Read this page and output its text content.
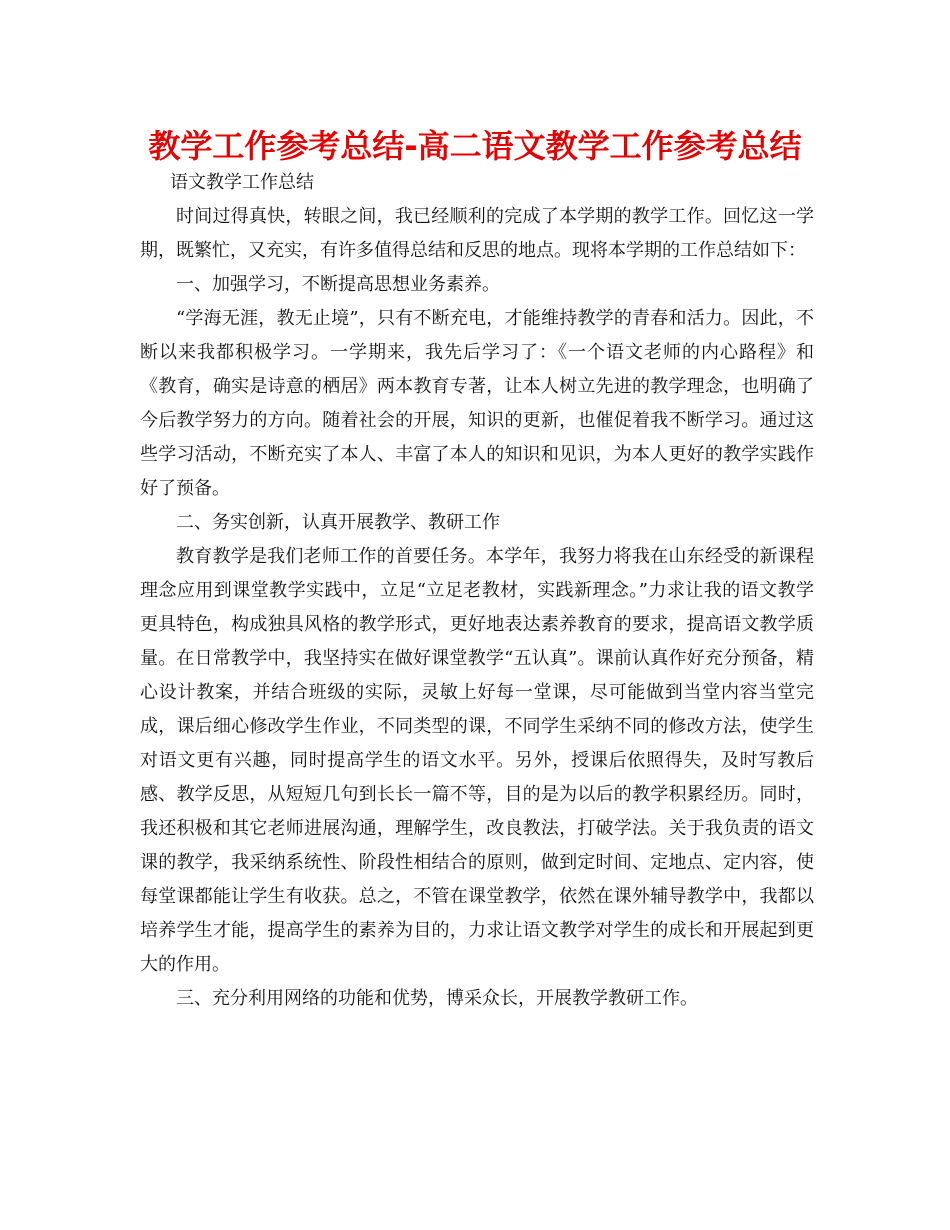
教学工作参考总结-高二语文教学工作参考总结

语文教学工作总结

时间过得真快，转眼之间，我已经顺利的完成了本学期的教学工作。回忆这一学期，既繁忙，又充实，有许多值得总结和反思的地点。现将本学期的工作总结如下：

一、加强学习，不断提高思想业务素养。

“学海无涯，教无止境”，只有不断充电，才能维持教学的青春和活力。因此，不断以来我都积极学习。一学期来，我先后学习了：《一个语文老师的内心路程》和《教育，确实是诗意的栖居》两本教育专著，让本人树立先进的教学理念，也明确了今后教学努力的方向。随着社会的开展，知识的更新，也催促着我不断学习。通过这些学习活动，不断充实了本人、丰富了本人的知识和见识，为本人更好的教学实践作好了预备。

二、务实创新，认真开展教学、教研工作

教育教学是我们老师工作的首要任务。本学年，我努力将我在山东经受的新课程理念应用到课堂教学实践中，立足“立足老教材，实践新理念。”力求让我的语文教学更具特色，构成独具风格的教学形式，更好地表达素养教育的要求，提高语文教学质量。在日常教学中，我坚持实在做好课堂教学“五认真”。课前认真作好充分预备，精心设计教案，并结合班级的实际，灵敏上好每一堂课，尽可能做到当堂内容当堂完成，课后细心修改学生作业，不同类型的课，不同学生采纳不同的修改方法，使学生对语文更有兴趣，同时提高学生的语文水平。另外，授课后依照得失，及时写教后感、教学反思，从短短几句到长长一篇不等，目的是为以后的教学积累经历。同时，我还积极和其它老师进展沟通，理解学生，改良教法，打破学法。关于我负责的语文课的教学，我采纳系统性、阶段性相结合的原则，做到定时间、定地点、定内容，使每堂课都能让学生有收获。总之，不管在课堂教学，依然在课外辅导教学中，我都以培养学生才能，提高学生的素养为目的，力求让语文教学对学生的成长和开展起到更大的作用。

三、充分利用网络的功能和优势，博采众长，开展教学教研工作。
